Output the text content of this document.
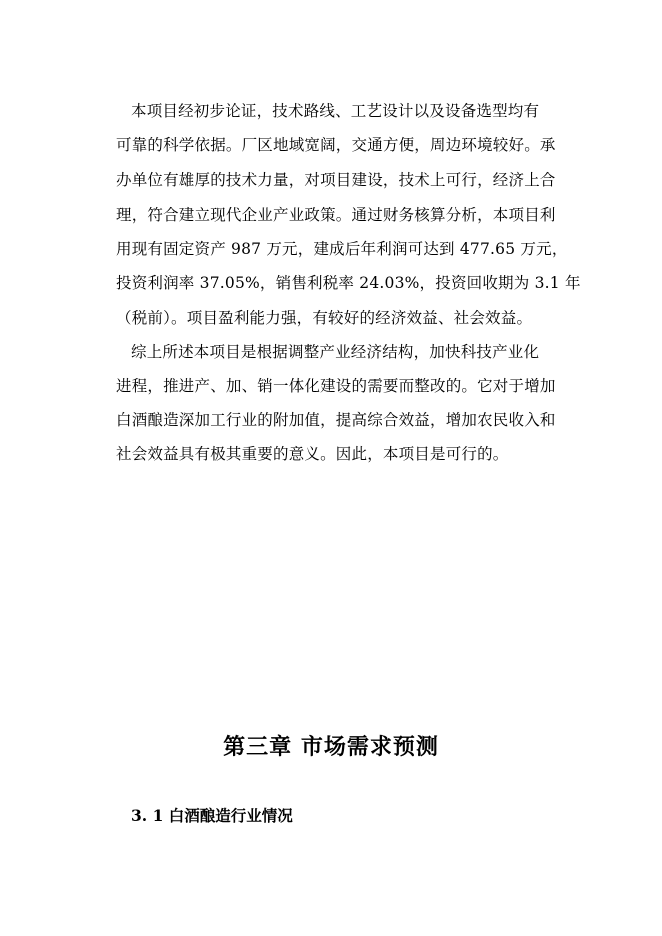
本项目经初步论证，技术路线、工艺设计以及设备选型均有
可靠的科学依据。厂区地域宽阔，交通方便，周边环境较好。承
办单位有雄厚的技术力量，对项目建设，技术上可行，经济上合
理，符合建立现代企业产业政策。通过财务核算分析，本项目利
用现有固定资产 987 万元，建成后年利润可达到 477.65 万元，
投资利润率 37.05%，销售利税率 24.03%，投资回收期为 3.1 年
（税前）。项目盈利能力强，有较好的经济效益、社会效益。
综上所述本项目是根据调整产业经济结构，加快科技产业化
进程，推进产、加、销一体化建设的需要而整改的。它对于增加
白酒酿造深加工行业的附加值，提高综合效益，增加农民收入和
社会效益具有极其重要的意义。因此，本项目是可行的。
第三章 市场需求预测
3. 1 白酒酿造行业情况
